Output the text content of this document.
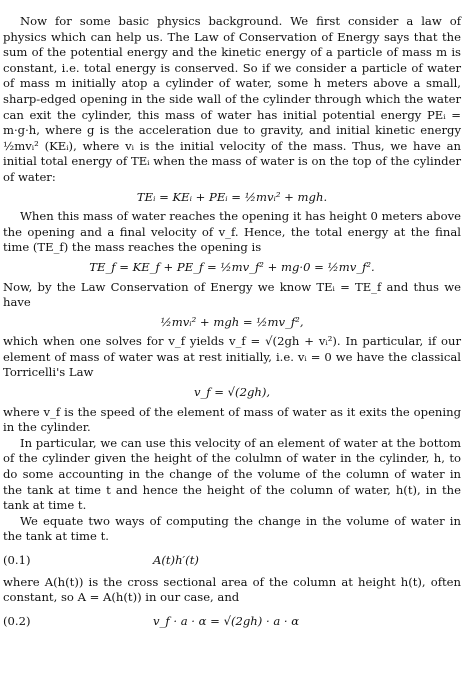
Now for some basic physics background. We first consider a law of physics which can help us. The Law of Conservation of Energy says that the sum of the potential energy and the kinetic energy of a particle of mass m is constant, i.e. total energy is conserved. So if we consider a particle of water of mass m initially atop a cylinder of water, some h meters above a small, sharp-edged opening in the side wall of the cylinder through which the water can exit the cylinder, this mass of water has initial potential energy PEᵢ = m·g·h, where g is the acceleration due to gravity, and initial kinetic energy ½mvᵢ² (KEᵢ), where vᵢ is the initial velocity of the mass. Thus, we have an initial total energy of TEᵢ when the mass of water is on the top of the cylinder of water:

TEᵢ = KEᵢ + PEᵢ = ½mvᵢ² + mgh.

When this mass of water reaches the opening it has height 0 meters above the opening and a final velocity of v_f. Hence, the total energy at the final time (TE_f) the mass reaches the opening is

TE_f = KE_f + PE_f = ½mv_f² + mg·0 = ½mv_f².

Now, by the Law Conservation of Energy we know TEᵢ = TE_f and thus we have

½mvᵢ² + mgh = ½mv_f²,

which when one solves for v_f yields v_f = √(2gh + vᵢ²). In particular, if our element of mass of water was at rest initially, i.e. vᵢ = 0 we have the classical Torricelli's Law

v_f = √(2gh),

where v_f is the speed of the element of mass of water as it exits the opening in the cylinder.

In particular, we can use this velocity of an element of water at the bottom of the cylinder given the height of the colulmn of water in the cylinder, h, to do some accounting in the change of the volume of the column of water in the tank at time t and hence the height of the column of water, h(t), in the tank at time t.

We equate two ways of computing the change in the volume of water in the tank at time t.

(0.1)	A(t)h′(t)

where A(h(t)) is the cross sectional area of the column at height h(t), often constant, so A = A(h(t)) in our case, and

(0.2)	v_f · a · α = √(2gh) · a · α
